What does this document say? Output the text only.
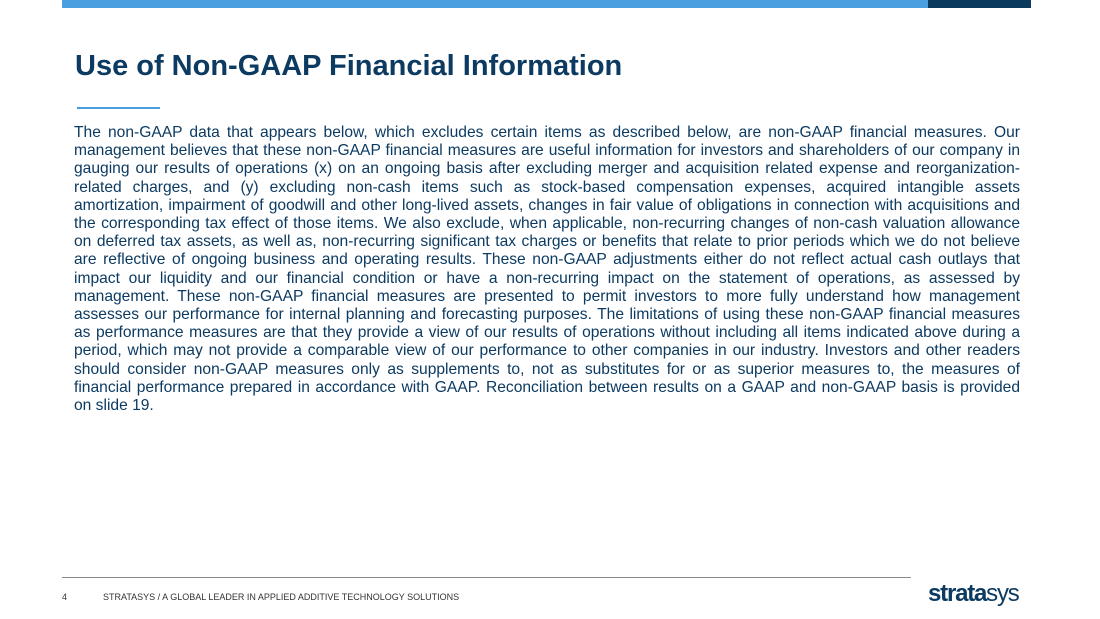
Use of Non-GAAP Financial Information

The non-GAAP data that appears below, which excludes certain items as described below, are non-GAAP financial measures. Our management believes that these non-GAAP financial measures are useful information for investors and shareholders of our company in gauging our results of operations (x) on an ongoing basis after excluding merger and acquisition related expense and reorganization-related charges, and (y) excluding non-cash items such as stock-based compensation expenses, acquired intangible assets amortization, impairment of goodwill and other long-lived assets, changes in fair value of obligations in connection with acquisitions and the corresponding tax effect of those items. We also exclude, when applicable, non-recurring changes of non-cash valuation allowance on deferred tax assets, as well as, non-recurring significant tax charges or benefits that relate to prior periods which we do not believe are reflective of ongoing business and operating results. These non-GAAP adjustments either do not reflect actual cash outlays that impact our liquidity and our financial condition or have a non-recurring impact on the statement of operations, as assessed by management. These non-GAAP financial measures are presented to permit investors to more fully understand how management assesses our performance for internal planning and forecasting purposes. The limitations of using these non-GAAP financial measures as performance measures are that they provide a view of our results of operations without including all items indicated above during a period, which may not provide a comparable view of our performance to other companies in our industry. Investors and other readers should consider non-GAAP measures only as supplements to, not as substitutes for or as superior measures to, the measures of financial performance prepared in accordance with GAAP. Reconciliation between results on a GAAP and non-GAAP basis is provided on slide 19.

4	STRATASYS / A GLOBAL LEADER IN APPLIED ADDITIVE TECHNOLOGY SOLUTIONS	stratasys
